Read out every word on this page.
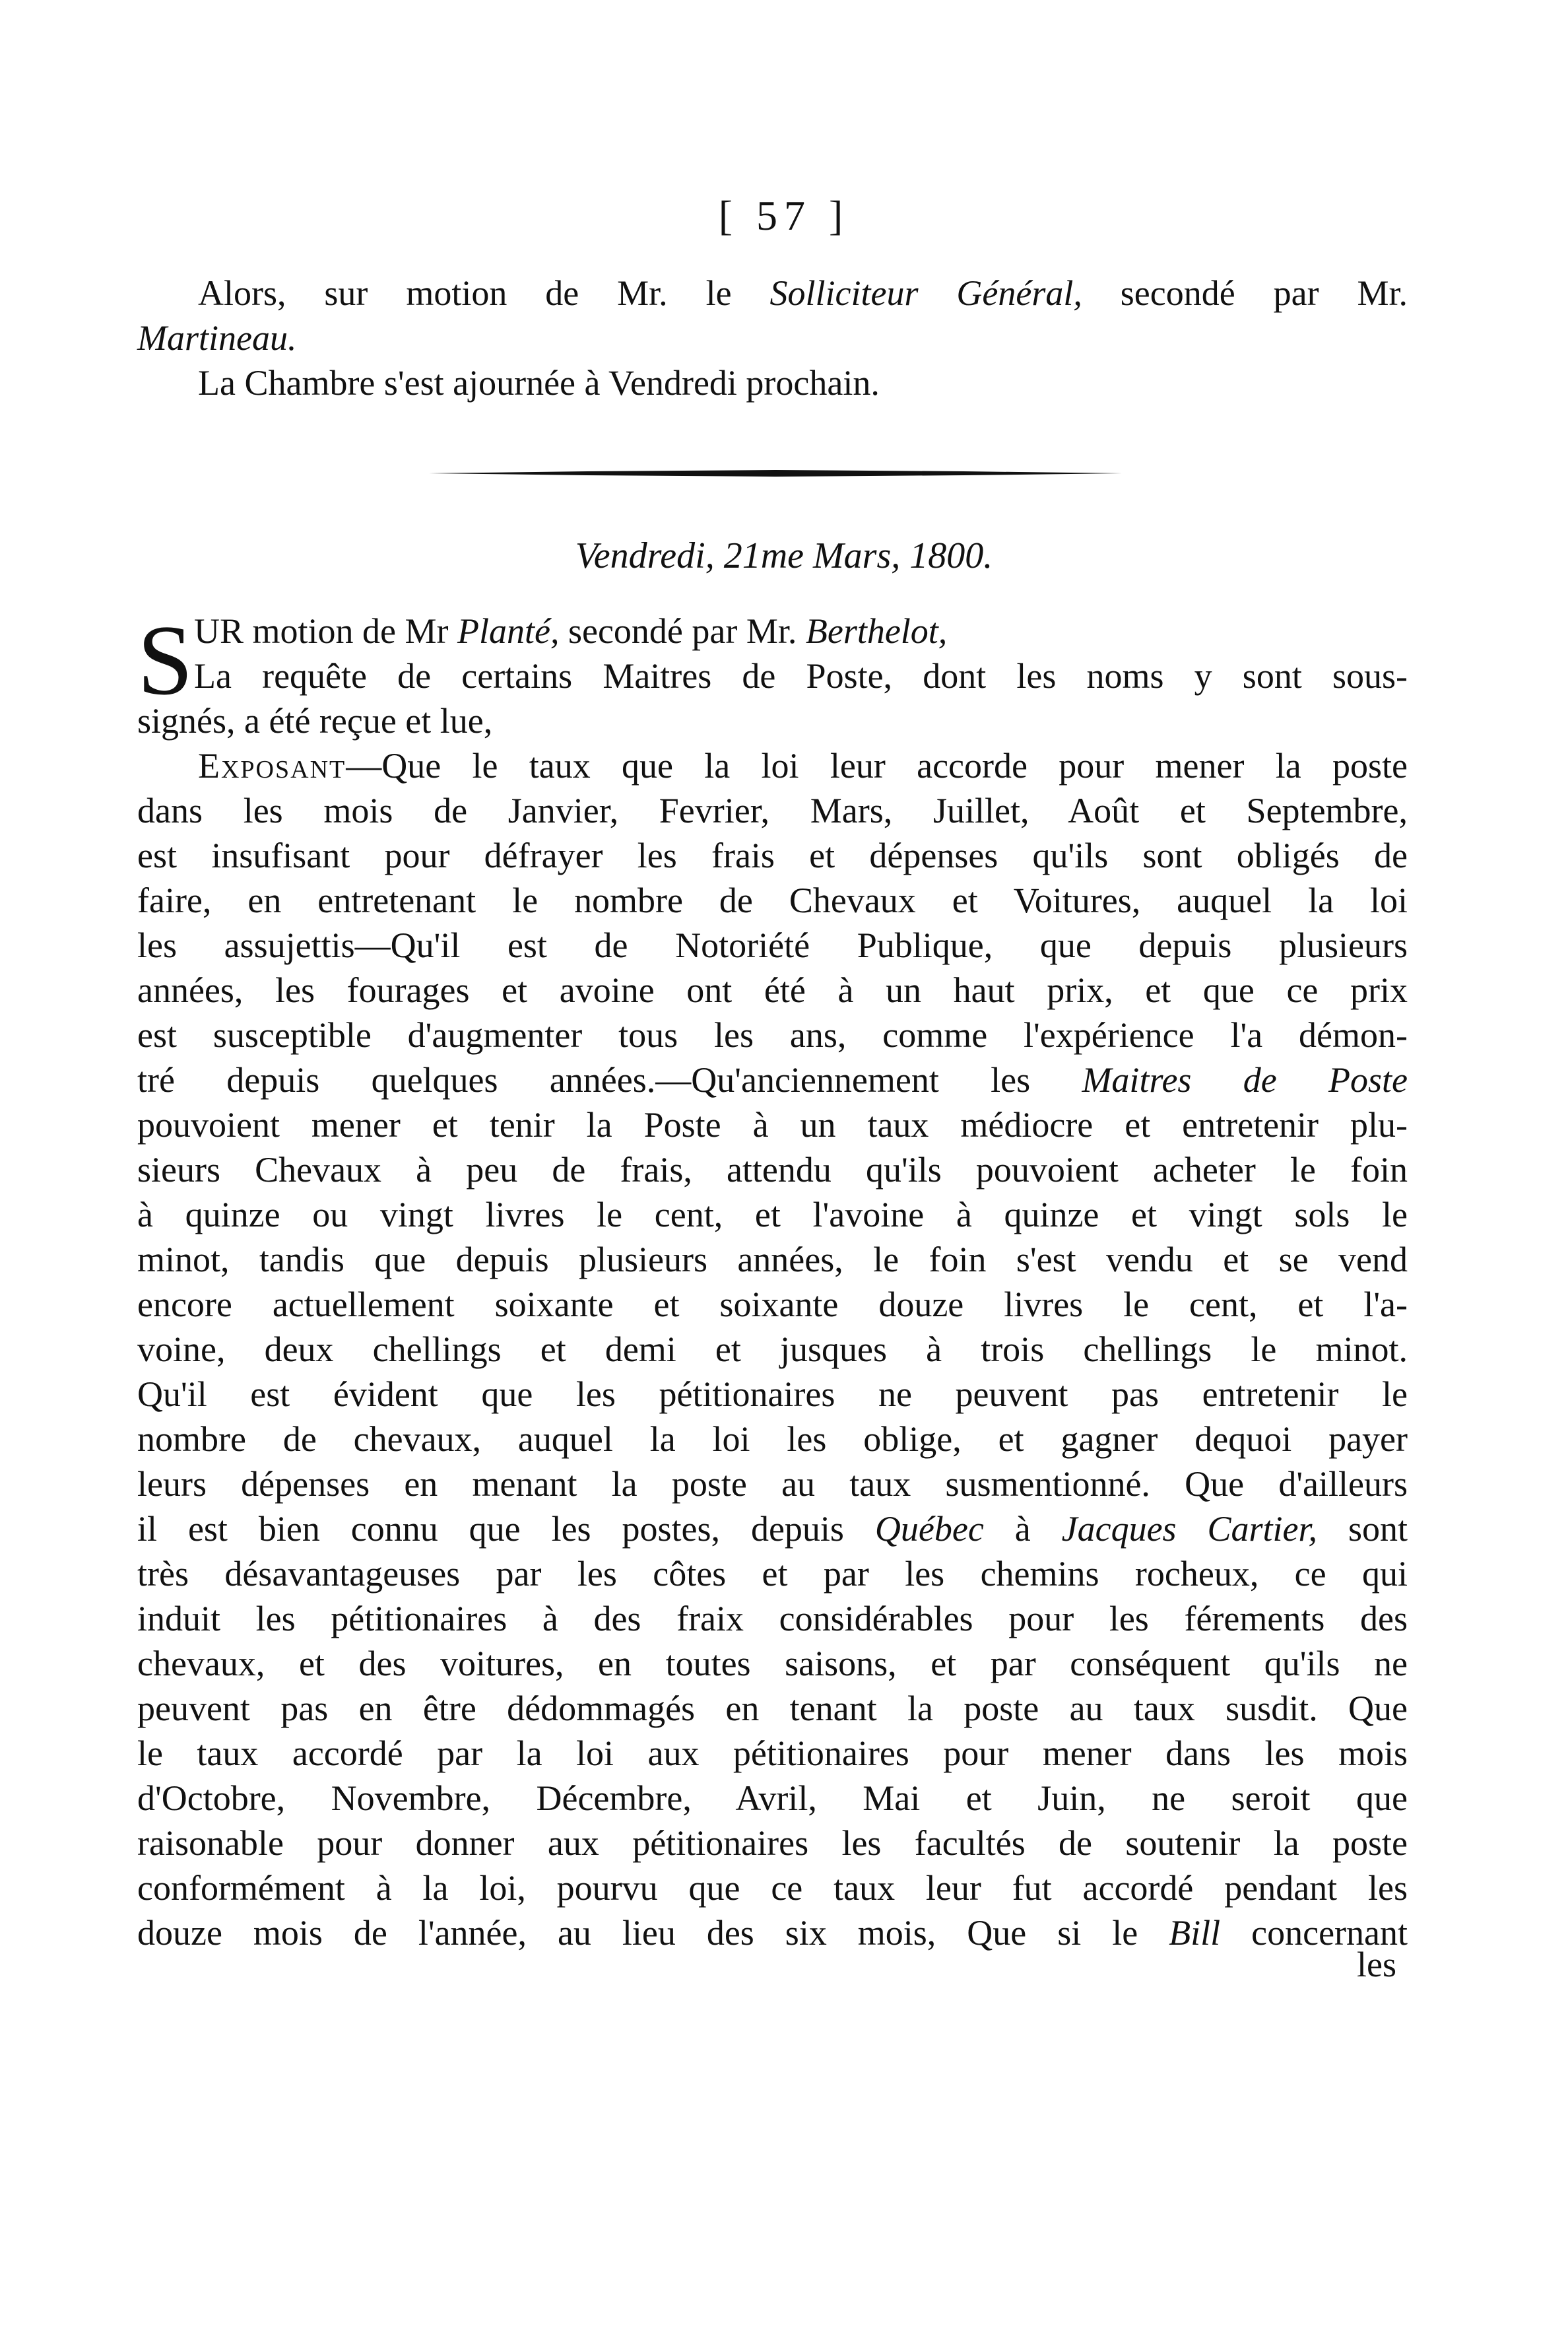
[ 57 ]
Alors, sur motion de Mr. le Solliciteur Général, secondé par Mr.
Martineau.
La Chambre s'est ajournée à Vendredi prochain.
Vendredi, 21me Mars, 1800.
S UR motion de Mr Planté, secondé par Mr. Berthelot,
La requête de certains Maitres de Poste, dont les noms y sont sous-
signés, a été reçue et lue,
Exposant—Que le taux que la loi leur accorde pour mener la poste
dans les mois de Janvier, Fevrier, Mars, Juillet, Août et Septembre,
est insufisant pour défrayer les frais et dépenses qu'ils sont obligés de
faire, en entretenant le nombre de Chevaux et Voitures, auquel la loi
les assujettis—Qu'il est de Notoriété Publique, que depuis plusieurs
années, les fourages et avoine ont été à un haut prix, et que ce prix
est susceptible d'augmenter tous les ans, comme l'expérience l'a démon-
tré depuis quelques années.—Qu'anciennement les Maitres de Poste
pouvoient mener et tenir la Poste à un taux médiocre et entretenir plu-
sieurs Chevaux à peu de frais, attendu qu'ils pouvoient acheter le foin
à quinze ou vingt livres le cent, et l'avoine à quinze et vingt sols le
minot, tandis que depuis plusieurs années, le foin s'est vendu et se vend
encore actuellement soixante et soixante douze livres le cent, et l'a-
voine, deux chellings et demi et jusques à trois chellings le minot.
Qu'il est évident que les pétitionaires ne peuvent pas entretenir le
nombre de chevaux, auquel la loi les oblige, et gagner dequoi payer
leurs dépenses en menant la poste au taux susmentionné. Que d'ailleurs
il est bien connu que les postes, depuis Québec à Jacques Cartier, sont
très désavantageuses par les côtes et par les chemins rocheux, ce qui
induit les pétitionaires à des fraix considérables pour les férements des
chevaux, et des voitures, en toutes saisons, et par conséquent qu'ils ne
peuvent pas en être dédommagés en tenant la poste au taux susdit. Que
le taux accordé par la loi aux pétitionaires pour mener dans les mois
d'Octobre, Novembre, Décembre, Avril, Mai et Juin, ne seroit que
raisonable pour donner aux pétitionaires les facultés de soutenir la poste
conformément à la loi, pourvu que ce taux leur fut accordé pendant les
douze mois de l'année, au lieu des six mois, Que si le Bill concernant
les
